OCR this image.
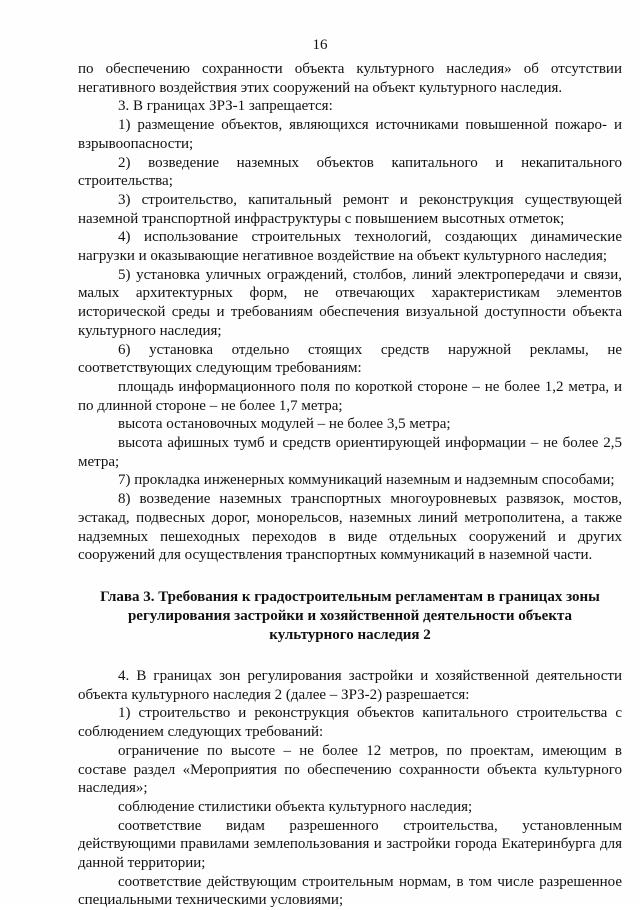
16

по обеспечению сохранности объекта культурного наследия» об отсутствии негативного воздействия этих сооружений на объект культурного наследия.

3. В границах ЗРЗ-1 запрещается:

1) размещение объектов, являющихся источниками повышенной пожаро- и взрывоопасности;

2) возведение наземных объектов капитального и некапитального строительства;

3) строительство, капитальный ремонт и реконструкция существующей наземной транспортной инфраструктуры с повышением высотных отметок;

4) использование строительных технологий, создающих динамические нагрузки и оказывающие негативное воздействие на объект культурного наследия;

5) установка уличных ограждений, столбов, линий электропередачи и связи, малых архитектурных форм, не отвечающих характеристикам элементов исторической среды и требованиям обеспечения визуальной доступности объекта культурного наследия;

6) установка отдельно стоящих средств наружной рекламы, не соответствующих следующим требованиям:

площадь информационного поля по короткой стороне – не более 1,2 метра, и по длинной стороне – не более 1,7 метра;

высота остановочных модулей – не более 3,5 метра;

высота афишных тумб и средств ориентирующей информации – не более 2,5 метра;

7) прокладка инженерных коммуникаций наземным и надземным способами;

8) возведение наземных транспортных многоуровневых развязок, мостов, эстакад, подвесных дорог, монорельсов, наземных линий метрополитена, а также надземных пешеходных переходов в виде отдельных сооружений и других сооружений для осуществления транспортных коммуникаций в наземной части.

Глава 3. Требования к градостроительным регламентам в границах зоны регулирования застройки и хозяйственной деятельности объекта культурного наследия 2

4. В границах зон регулирования застройки и хозяйственной деятельности объекта культурного наследия 2 (далее – ЗРЗ-2) разрешается:

1) строительство и реконструкция объектов капитального строительства с соблюдением следующих требований:

ограничение по высоте – не более 12 метров, по проектам, имеющим в составе раздел «Мероприятия по обеспечению сохранности объекта культурного наследия»;

соблюдение стилистики объекта культурного наследия;

соответствие видам разрешенного строительства, установленным действующими правилами землепользования и застройки города Екатеринбурга для данной территории;

соответствие действующим строительным нормам, в том числе разрешенное специальными техническими условиями;
